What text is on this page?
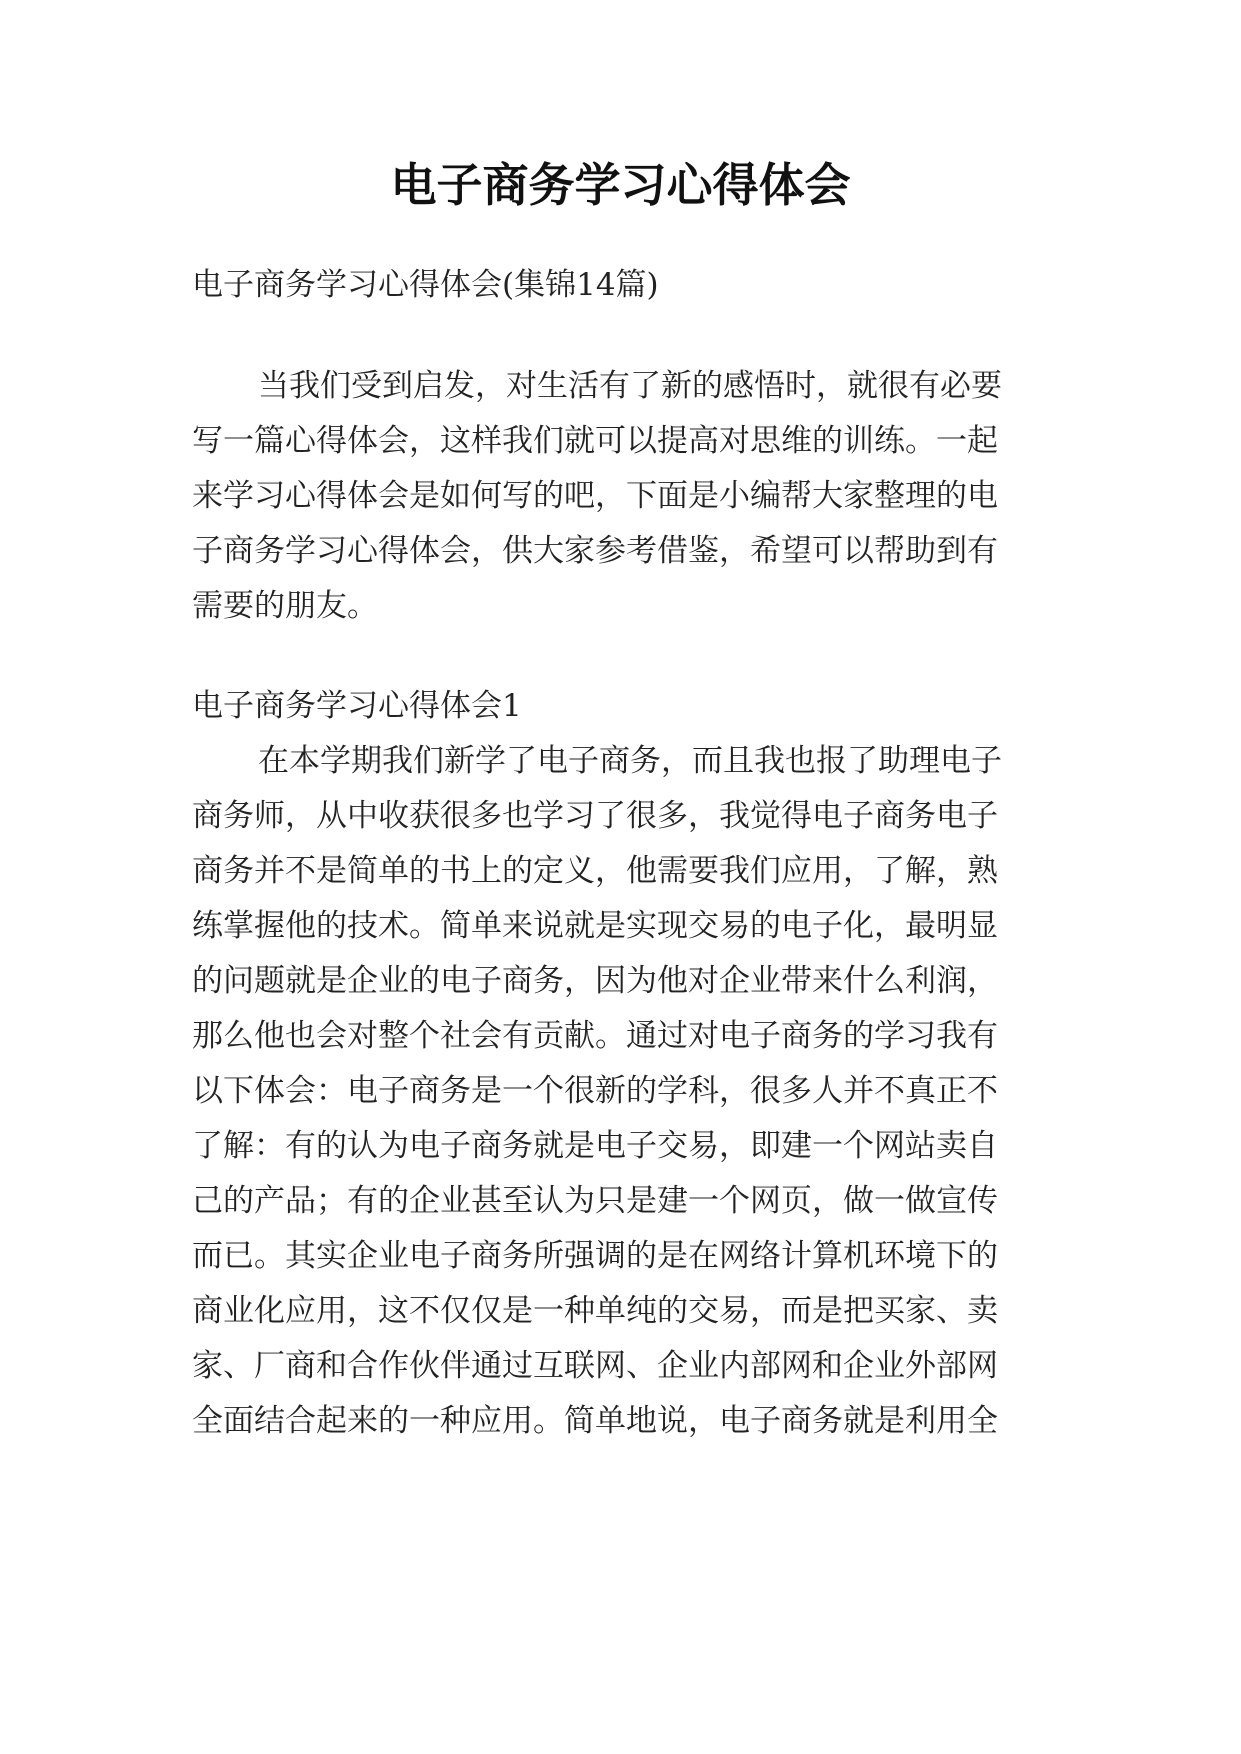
电子商务学习心得体会
电子商务学习心得体会(集锦14篇)
当我们受到启发，对生活有了新的感悟时，就很有必要
写一篇心得体会，这样我们就可以提高对思维的训练。一起
来学习心得体会是如何写的吧，下面是小编帮大家整理的电
子商务学习心得体会，供大家参考借鉴，希望可以帮助到有
需要的朋友。
电子商务学习心得体会1
在本学期我们新学了电子商务，而且我也报了助理电子
商务师，从中收获很多也学习了很多，我觉得电子商务电子
商务并不是简单的书上的定义，他需要我们应用，了解，熟
练掌握他的技术。简单来说就是实现交易的电子化，最明显
的问题就是企业的电子商务，因为他对企业带来什么利润，
那么他也会对整个社会有贡献。通过对电子商务的学习我有
以下体会：电子商务是一个很新的学科，很多人并不真正不
了解：有的认为电子商务就是电子交易，即建一个网站卖自
己的产品；有的企业甚至认为只是建一个网页，做一做宣传
而已。其实企业电子商务所强调的是在网络计算机环境下的
商业化应用，这不仅仅是一种单纯的交易，而是把买家、卖
家、厂商和合作伙伴通过互联网、企业内部网和企业外部网
全面结合起来的一种应用。简单地说，电子商务就是利用全
